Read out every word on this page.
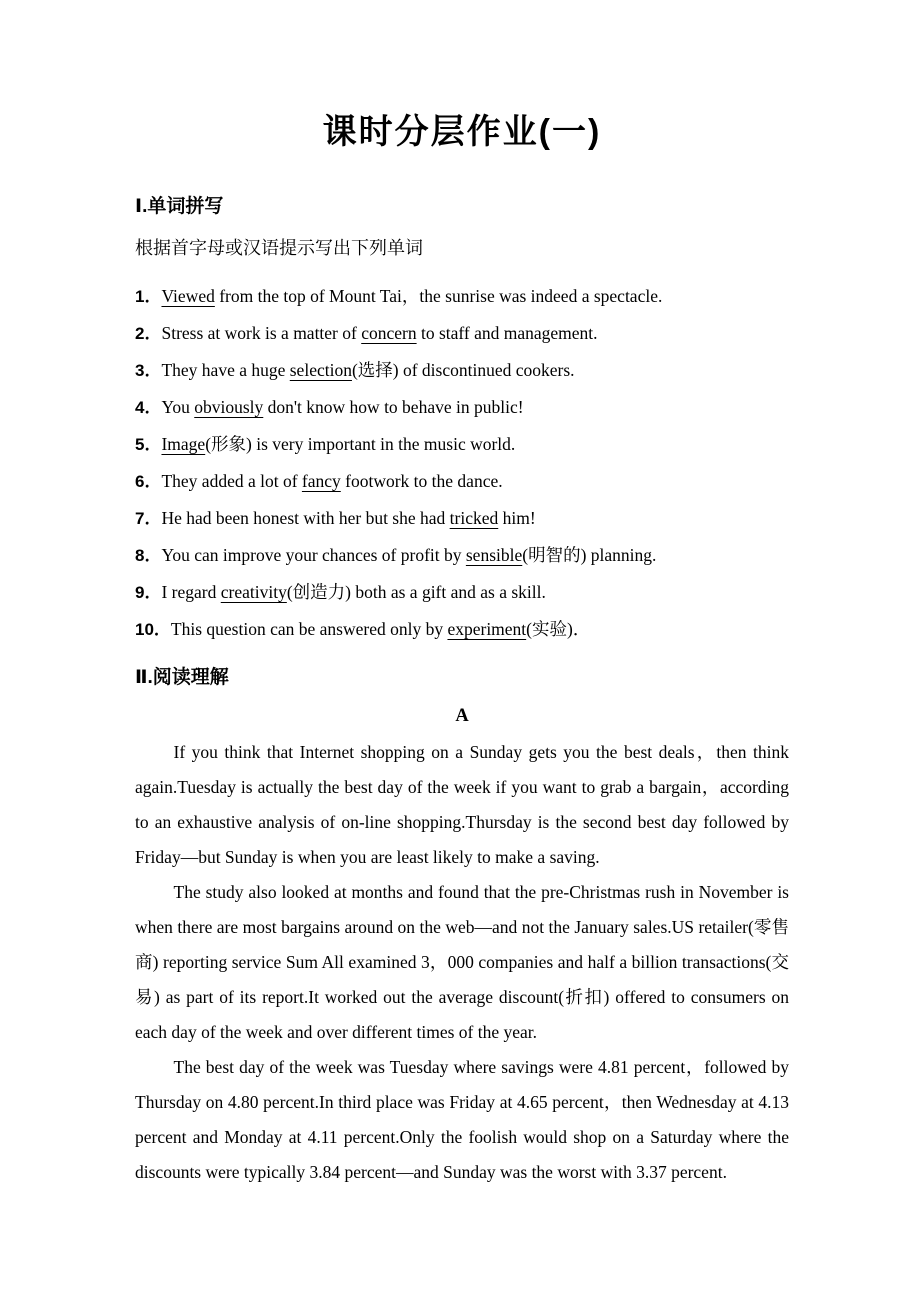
课时分层作业(一)
Ⅰ.单词拼写
根据首字母或汉语提示写出下列单词
1．Viewed from the top of Mount Tai，the sunrise was indeed a spectacle.
2．Stress at work is a matter of concern to staff and management.
3．They have a huge selection(选择) of discontinued cookers.
4．You obviously don't know how to behave in public!
5．Image(形象) is very important in the music world.
6．They added a lot of fancy footwork to the dance.
7．He had been honest with her but she had tricked him!
8．You can improve your chances of profit by sensible(明智的) planning.
9．I regard creativity(创造力) both as a gift and as a skill.
10．This question can be answered only by experiment(实验)．
Ⅱ.阅读理解
A

If you think that Internet shopping on a Sunday gets you the best deals，then think again.Tuesday is actually the best day of the week if you want to grab a bargain，according to an exhaustive analysis of on-line shopping.Thursday is the second best day followed by Friday—but Sunday is when you are least likely to make a saving.

The study also looked at months and found that the pre-Christmas rush in November is when there are most bargains around on the web—and not the January sales.US retailer(零售商) reporting service Sum All examined 3，000 companies and half a billion transactions(交易) as part of its report.It worked out the average discount(折扣) offered to consumers on each day of the week and over different times of the year.

The best day of the week was Tuesday where savings were 4.81 percent，followed by Thursday on 4.80 percent.In third place was Friday at 4.65 percent，then Wednesday at 4.13 percent and Monday at 4.11 percent.Only the foolish would shop on a Saturday where the discounts were typically 3.84 percent—and Sunday was the worst with 3.37 percent.
